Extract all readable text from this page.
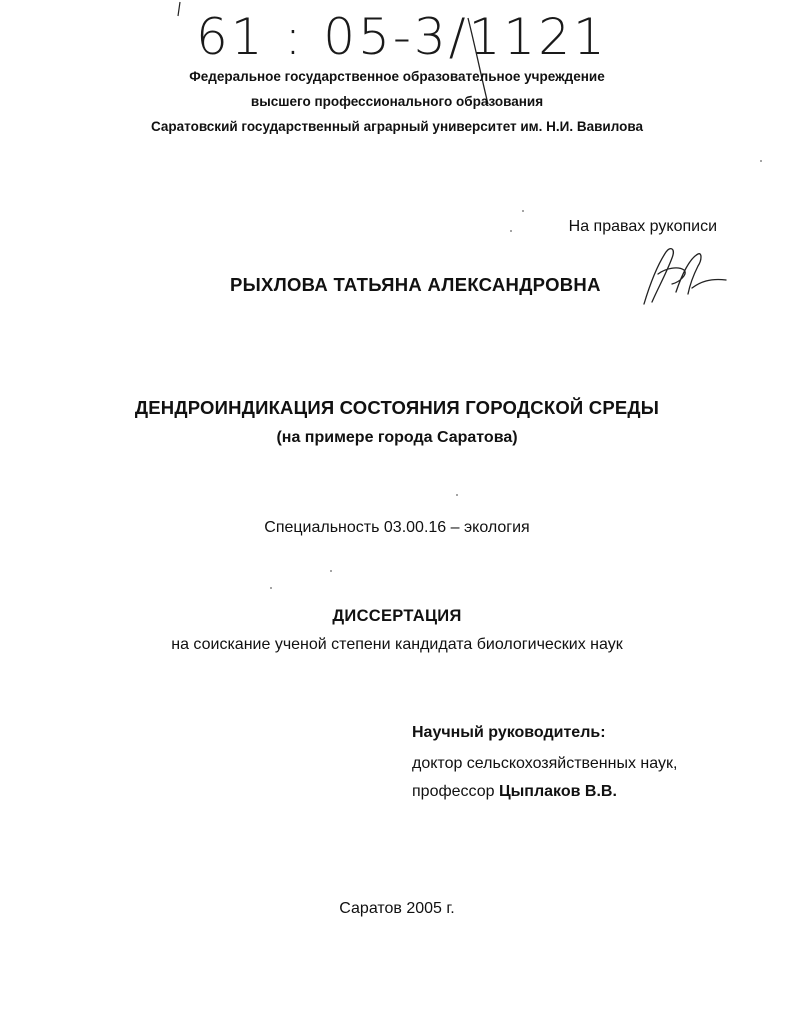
61 : 05-3/1121
Федеральное государственное образовательное учреждение
высшего профессионального образования
Саратовский государственный аграрный университет им. Н.И. Вавилова
На правах рукописи
РЫХЛОВА ТАТЬЯНА АЛЕКСАНДРОВНА
ДЕНДРОИНДИКАЦИЯ СОСТОЯНИЯ ГОРОДСКОЙ СРЕДЫ
(на примере города Саратова)
Специальность 03.00.16 – экология
ДИССЕРТАЦИЯ
на соискание ученой степени кандидата биологических наук
Научный руководитель:
доктор сельскохозяйственных наук,
профессор Цыплаков В.В.
Саратов 2005 г.
